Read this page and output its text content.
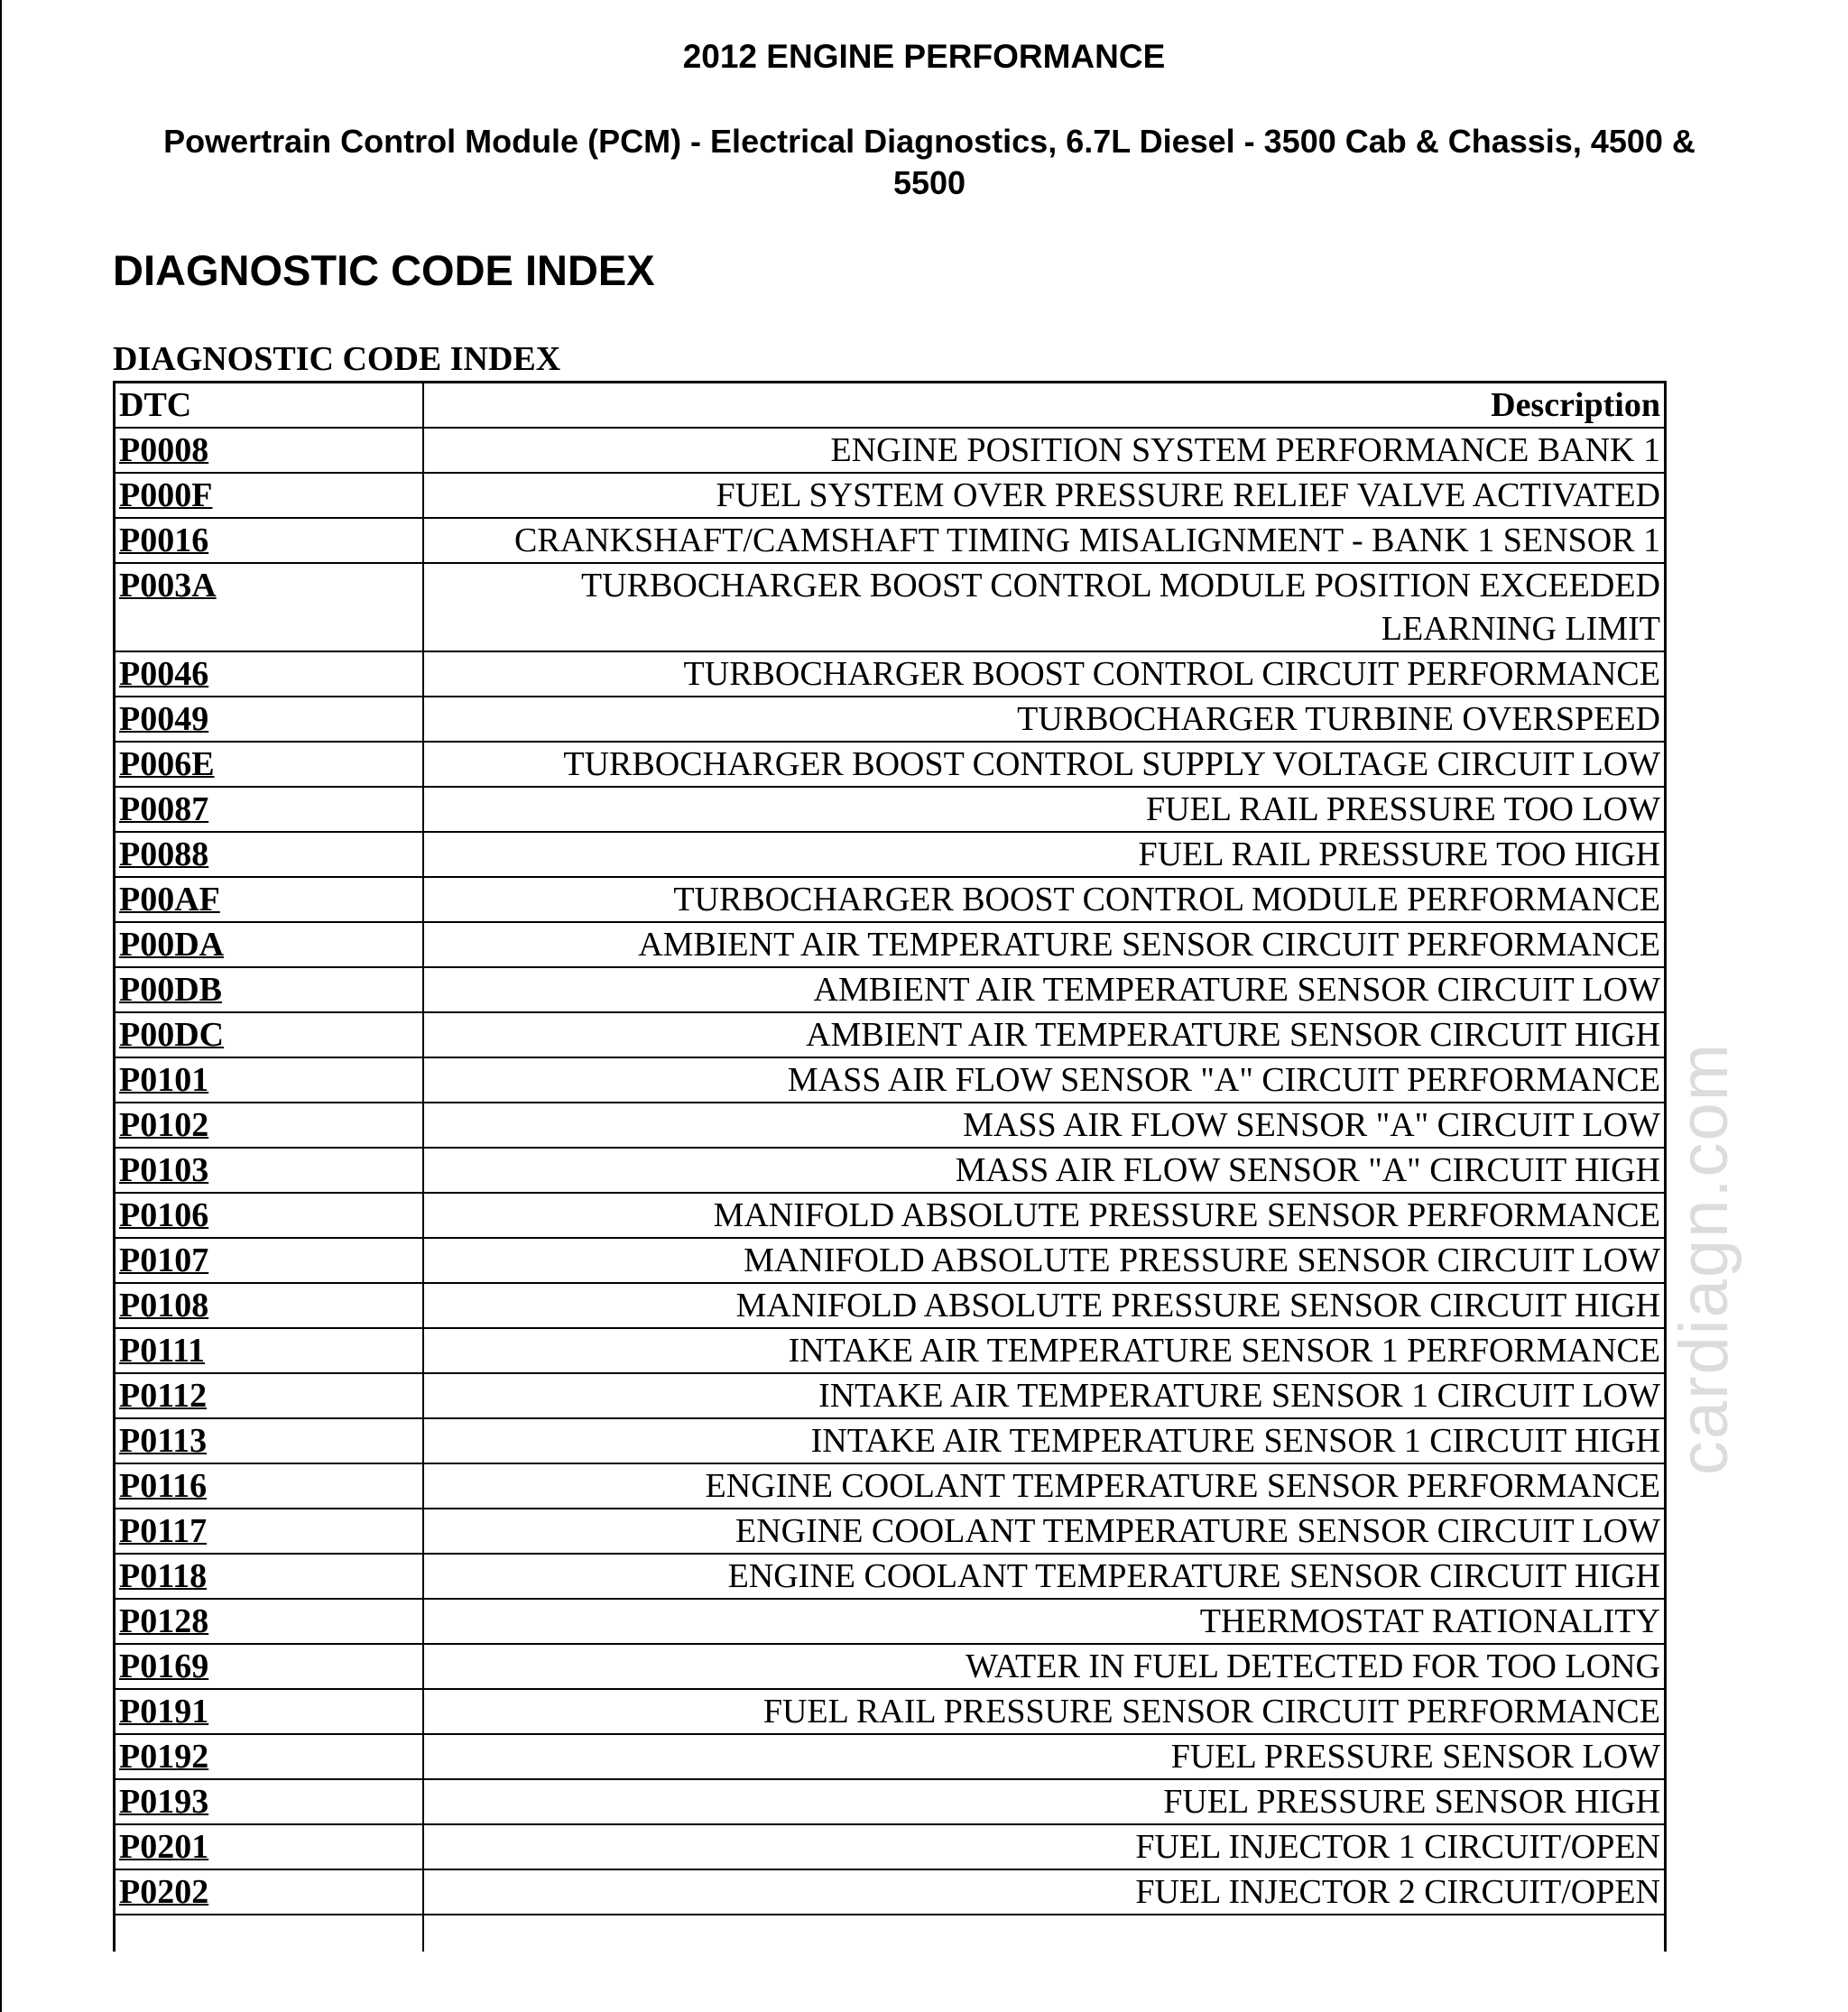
2012 ENGINE PERFORMANCE
Powertrain Control Module (PCM) - Electrical Diagnostics, 6.7L Diesel - 3500 Cab & Chassis, 4500 & 5500
DIAGNOSTIC CODE INDEX
DIAGNOSTIC CODE INDEX
DTC	Description
P0008	ENGINE POSITION SYSTEM PERFORMANCE BANK 1
P000F	FUEL SYSTEM OVER PRESSURE RELIEF VALVE ACTIVATED
P0016	CRANKSHAFT/CAMSHAFT TIMING MISALIGNMENT - BANK 1 SENSOR 1
P003A	TURBOCHARGER BOOST CONTROL MODULE POSITION EXCEEDED LEARNING LIMIT
P0046	TURBOCHARGER BOOST CONTROL CIRCUIT PERFORMANCE
P0049	TURBOCHARGER TURBINE OVERSPEED
P006E	TURBOCHARGER BOOST CONTROL SUPPLY VOLTAGE CIRCUIT LOW
P0087	FUEL RAIL PRESSURE TOO LOW
P0088	FUEL RAIL PRESSURE TOO HIGH
P00AF	TURBOCHARGER BOOST CONTROL MODULE PERFORMANCE
P00DA	AMBIENT AIR TEMPERATURE SENSOR CIRCUIT PERFORMANCE
P00DB	AMBIENT AIR TEMPERATURE SENSOR CIRCUIT LOW
P00DC	AMBIENT AIR TEMPERATURE SENSOR CIRCUIT HIGH
P0101	MASS AIR FLOW SENSOR "A" CIRCUIT PERFORMANCE
P0102	MASS AIR FLOW SENSOR "A" CIRCUIT LOW
P0103	MASS AIR FLOW SENSOR "A" CIRCUIT HIGH
P0106	MANIFOLD ABSOLUTE PRESSURE SENSOR PERFORMANCE
P0107	MANIFOLD ABSOLUTE PRESSURE SENSOR CIRCUIT LOW
P0108	MANIFOLD ABSOLUTE PRESSURE SENSOR CIRCUIT HIGH
P0111	INTAKE AIR TEMPERATURE SENSOR 1 PERFORMANCE
P0112	INTAKE AIR TEMPERATURE SENSOR 1 CIRCUIT LOW
P0113	INTAKE AIR TEMPERATURE SENSOR 1 CIRCUIT HIGH
P0116	ENGINE COOLANT TEMPERATURE SENSOR PERFORMANCE
P0117	ENGINE COOLANT TEMPERATURE SENSOR CIRCUIT LOW
P0118	ENGINE COOLANT TEMPERATURE SENSOR CIRCUIT HIGH
P0128	THERMOSTAT RATIONALITY
P0169	WATER IN FUEL DETECTED FOR TOO LONG
P0191	FUEL RAIL PRESSURE SENSOR CIRCUIT PERFORMANCE
P0192	FUEL PRESSURE SENSOR LOW
P0193	FUEL PRESSURE SENSOR HIGH
P0201	FUEL INJECTOR 1 CIRCUIT/OPEN
P0202	FUEL INJECTOR 2 CIRCUIT/OPEN

cardiagn.com
